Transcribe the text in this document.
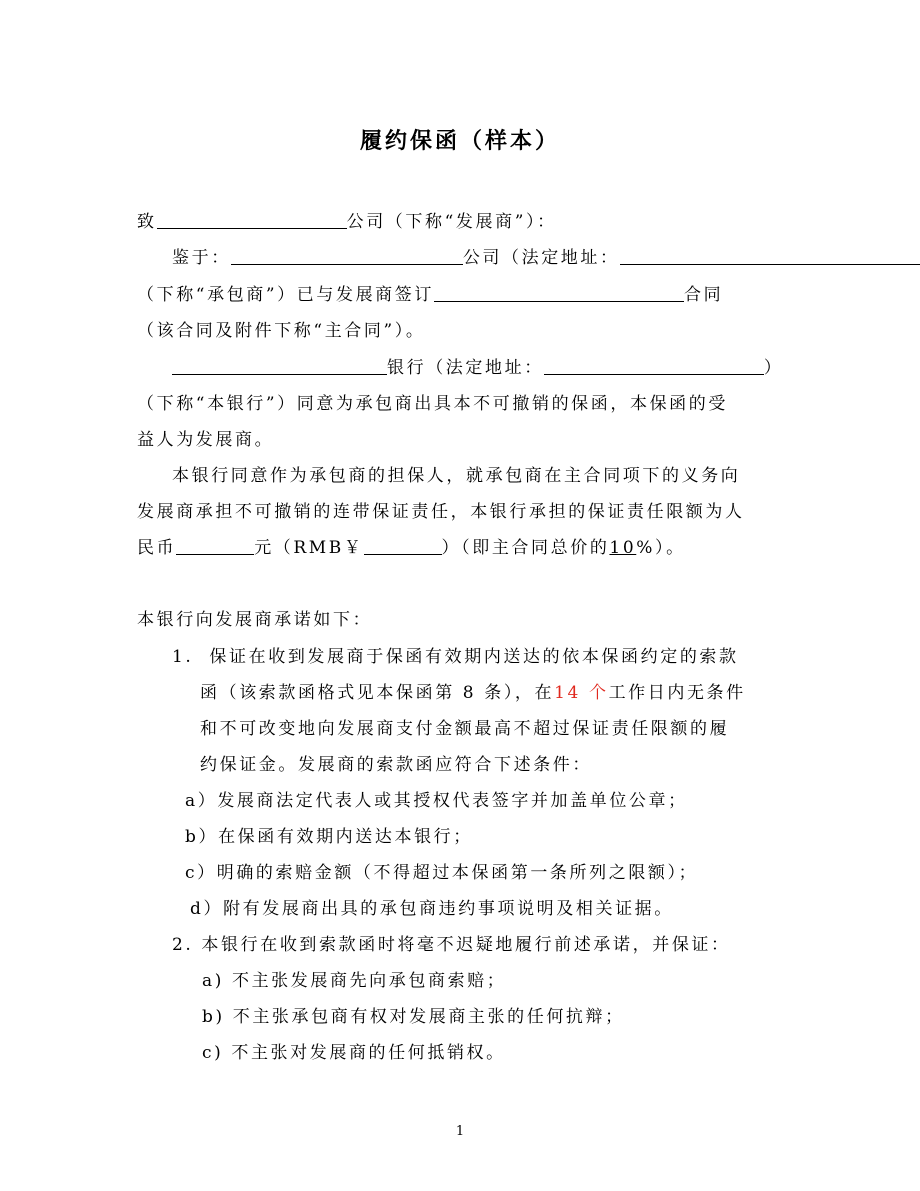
履约保函（样本）
致	公司（下称“发展商”）：
鉴于：	公司（法定地址：
（下称“承包商”）已与发展商签订	合同
（该合同及附件下称“主合同”）。
银行（法定地址：	）
（下称“本银行”）同意为承包商出具本不可撤销的保函，本保函的受
益人为发展商。
本银行同意作为承包商的担保人，就承包商在主合同项下的义务向
发展商承担不可撤销的连带保证责任，本银行承担的保证责任限额为人
民币	元（RMB￥	）（即主合同总价的10%）。
本银行向发展商承诺如下：
1. 保证在收到发展商于保函有效期内送达的依本保函约定的索款
函（该索款函格式见本保函第 8 条），在14 个工作日内无条件
和不可改变地向发展商支付金额最高不超过保证责任限额的履
约保证金。发展商的索款函应符合下述条件：
a）发展商法定代表人或其授权代表签字并加盖单位公章；
b）在保函有效期内送达本银行；
c）明确的索赔金额（不得超过本保函第一条所列之限额）；
d）附有发展商出具的承包商违约事项说明及相关证据。
2. 本银行在收到索款函时将毫不迟疑地履行前述承诺，并保证：
a) 不主张发展商先向承包商索赔；
b) 不主张承包商有权对发展商主张的任何抗辩；
c) 不主张对发展商的任何抵销权。
1
